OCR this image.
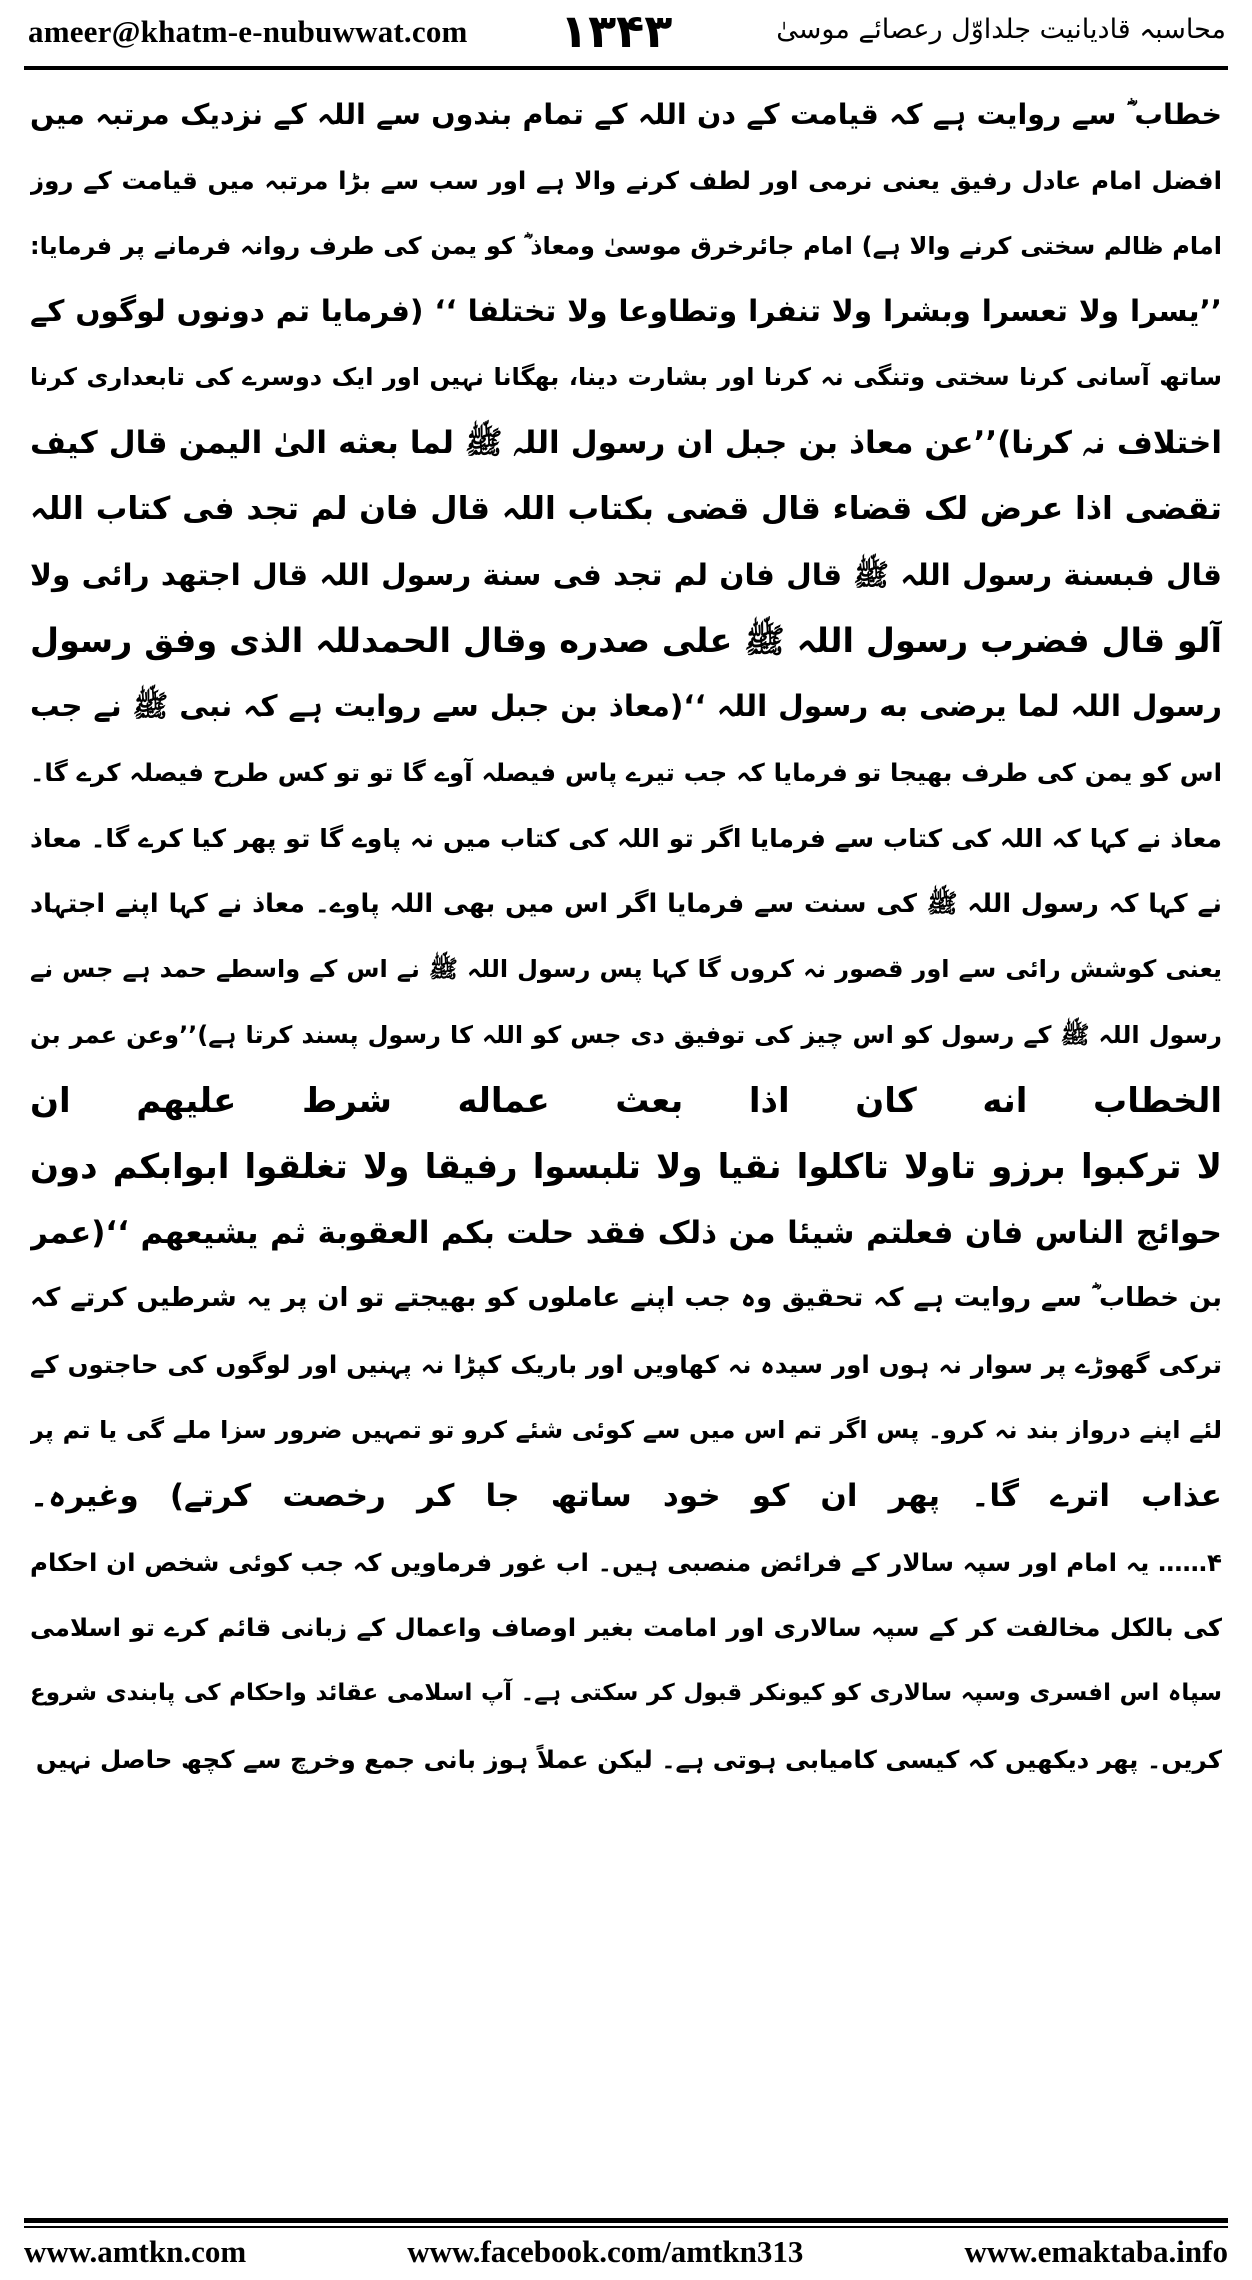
ameer@khatm-e-nubuwwat.com ۱۳۴۳	محاسبہ قادیانیت جلداوّل رعصائے موسیٰ
خطاب ؓ سے روایت ہے کہ قیامت کے دن اللہ کے تمام بندوں سے اللہ کے نزدیک مرتبہ میں
افضل امام عادل رفیق یعنی نرمی اور لطف کرنے والا ہے اور سب سے بڑا مرتبہ میں قیامت کے روز
امام ظالم سختی کرنے والا ہے) امام جائرخرق موسیٰ ومعاذ ؓ کو یمن کی طرف روانہ فرمانے پر فرمایا:
’’یسرا ولا تعسرا وبشرا ولا تنفرا وتطاوعا ولا تختلفا ‘‘ (فرمایا تم دونوں لوگوں کے
ساتھ آسانی کرنا سختی وتنگی نہ کرنا اور بشارت دینا، بھگانا نہیں اور ایک دوسرے کی تابعداری کرنا
اختلاف نہ کرنا)’’عن معاذ بن جبل ان رسول اللہ ﷺ لما بعثه الیٰ الیمن قال کیف
تقضی اذا عرض لک قضاء قال قضی بکتاب اللہ قال فان لم تجد فی کتاب اللہ
قال فبسنة رسول اللہ ﷺ قال فان لم تجد فی سنة رسول اللہ قال اجتهد رائی ولا
آلو قال فضرب رسول اللہ ﷺ علی صدره وقال الحمدللہ الذی وفق رسول
رسول اللہ لما یرضی به رسول اللہ ‘‘(معاذ بن جبل سے روایت ہے کہ نبی ﷺ نے جب
اس کو یمن کی طرف بھیجا تو فرمایا کہ جب تیرے پاس فیصلہ آوے گا تو تو کس طرح فیصلہ کرے گا۔
معاذ نے کہا کہ اللہ کی کتاب سے فرمایا اگر تو اللہ کی کتاب میں نہ پاوے گا تو پھر کیا کرے گا۔ معاذ
نے کہا کہ رسول اللہ ﷺ کی سنت سے فرمایا اگر اس میں بھی اللہ پاوے۔ معاذ نے کہا اپنے اجتہاد
یعنی کوشش رائی سے اور قصور نہ کروں گا کہا پس رسول اللہ ﷺ نے اس کے واسطے حمد ہے جس نے
رسول اللہ ﷺ کے رسول کو اس چیز کی توفیق دی جس کو اللہ کا رسول پسند کرتا ہے)’’وعن عمر بن
الخطاب انه کان اذا بعث عماله شرط علیهم ان
لا ترکبوا برزو تاولا تاکلوا نقیا ولا تلبسوا رفیقا ولا تغلقوا ابوابکم دون
حوائج الناس فان فعلتم شیئا من ذلک فقد حلت بکم العقوبة ثم یشیعهم ‘‘(عمر
بن خطاب ؓ سے روایت ہے کہ تحقیق وہ جب اپنے عاملوں کو بھیجتے تو ان پر یہ شرطیں کرتے کہ
ترکی گھوڑے پر سوار نہ ہوں اور سیدہ نہ کھاویں اور باریک کپڑا نہ پہنیں اور لوگوں کی حاجتوں کے
لئے اپنے درواز بند نہ کرو۔ پس اگر تم اس میں سے کوئی شئے کرو تو تمہیں ضرور سزا ملے گی یا تم پر
عذاب اترے گا۔ پھر ان کو خود ساتھ جا کر رخصت کرتے) وغیرہ۔
۴…… یہ امام اور سپہ سالار کے فرائض منصبی ہیں۔ اب غور فرماویں کہ جب کوئی شخص ان احکام
کی بالکل مخالفت کر کے سپہ سالاری اور امامت بغیر اوصاف واعمال کے زبانی قائم کرے تو اسلامی
سپاہ اس افسری وسپہ سالاری کو کیونکر قبول کر سکتی ہے۔ آپ اسلامی عقائد واحکام کی پابندی شروع
کریں۔ پھر دیکھیں کہ کیسی کامیابی ہوتی ہے۔ لیکن عملاً ہوز بانی جمع وخرچ سے کچھ حاصل نہیں
www.amtkn.com	www.facebook.com/amtkn313	www.emaktaba.info
